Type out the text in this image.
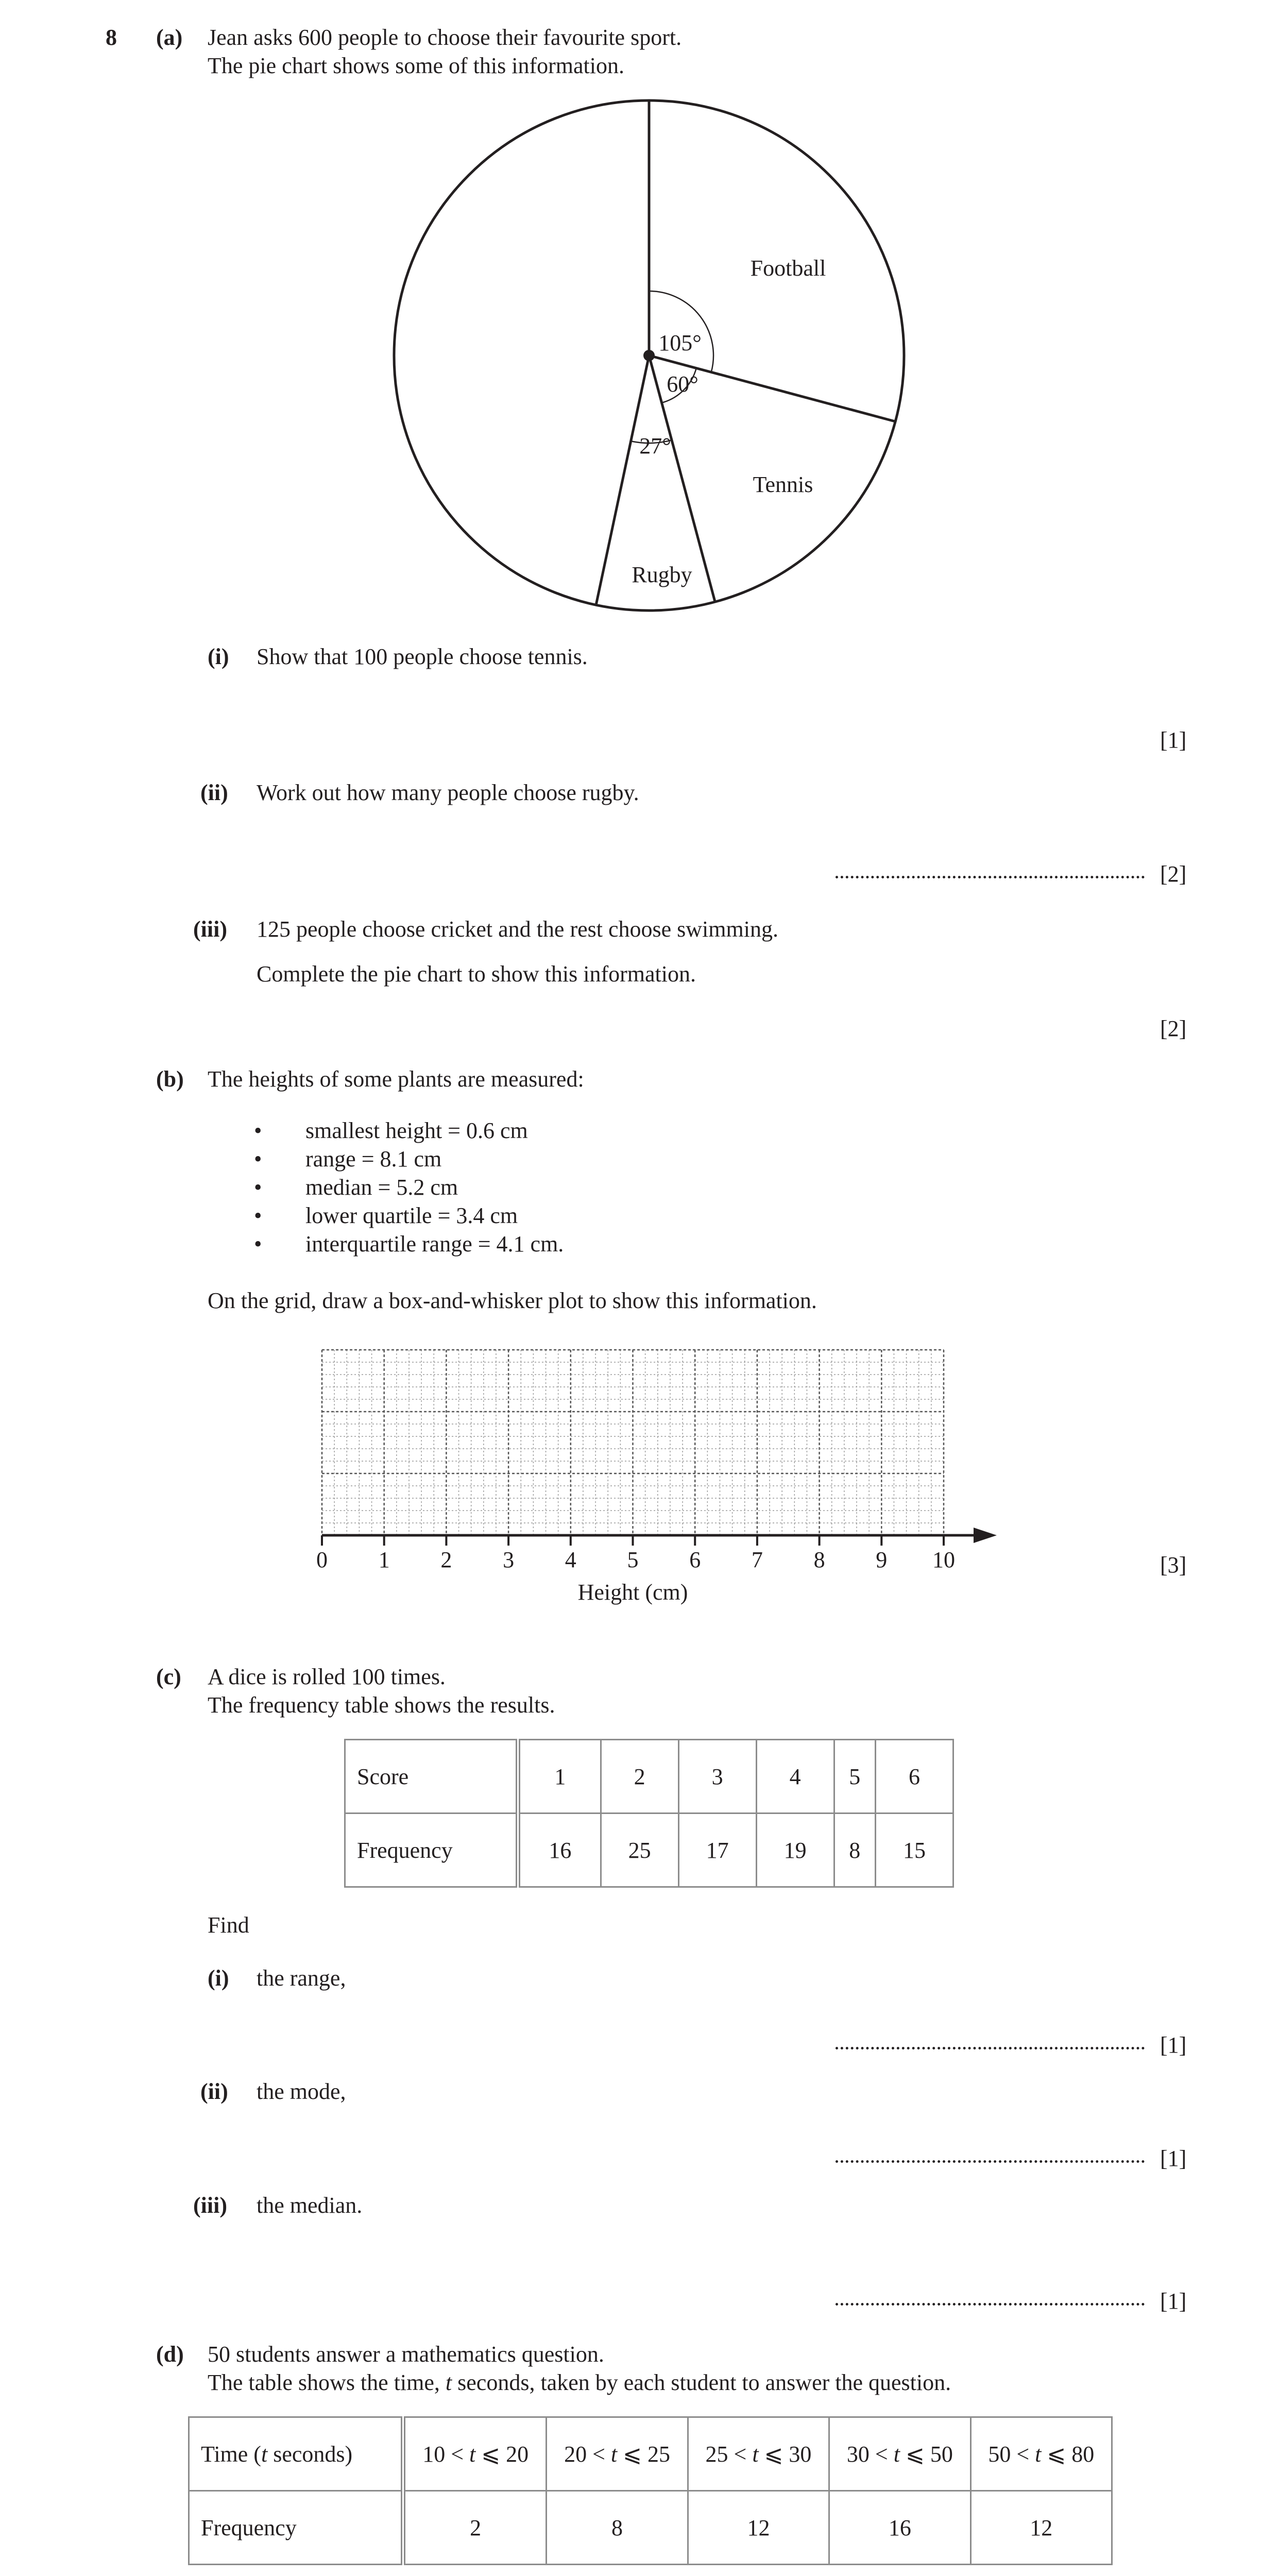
8 (a) Jean asks 600 people to choose their favourite sport.
The pie chart shows some of this information.
105°
60°
27°
Football
Tennis
Rugby
(i) Show that 100 people choose tennis.
[1]
(ii) Work out how many people choose rugby.
[2]
(iii) 125 people choose cricket and the rest choose swimming.
Complete the pie chart to show this information.
[2]
(b) The heights of some plants are measured:
• smallest height = 0.6 cm
• range = 8.1 cm
• median = 5.2 cm
• lower quartile = 3.4 cm
• interquartile range = 4.1 cm.
On the grid, draw a box-and-whisker plot to show this information.
0 1 2 3 4 5 6 7 8 9 10
Height (cm)
[3]
(c) A dice is rolled 100 times.
The frequency table shows the results.
Score	1	2	3	4	5	6
Frequency	16	25	17	19	8	15
Find
(i) the range,
[1]
(ii) the mode,
[1]
(iii) the median.
[1]
(d) 50 students answer a mathematics question.
The table shows the time, t seconds, taken by each student to answer the question.
Time (t seconds)	10 < t ⩽ 20	20 < t ⩽ 25	25 < t ⩽ 30	30 < t ⩽ 50	50 < t ⩽ 80
Frequency	2	8	12	16	12
